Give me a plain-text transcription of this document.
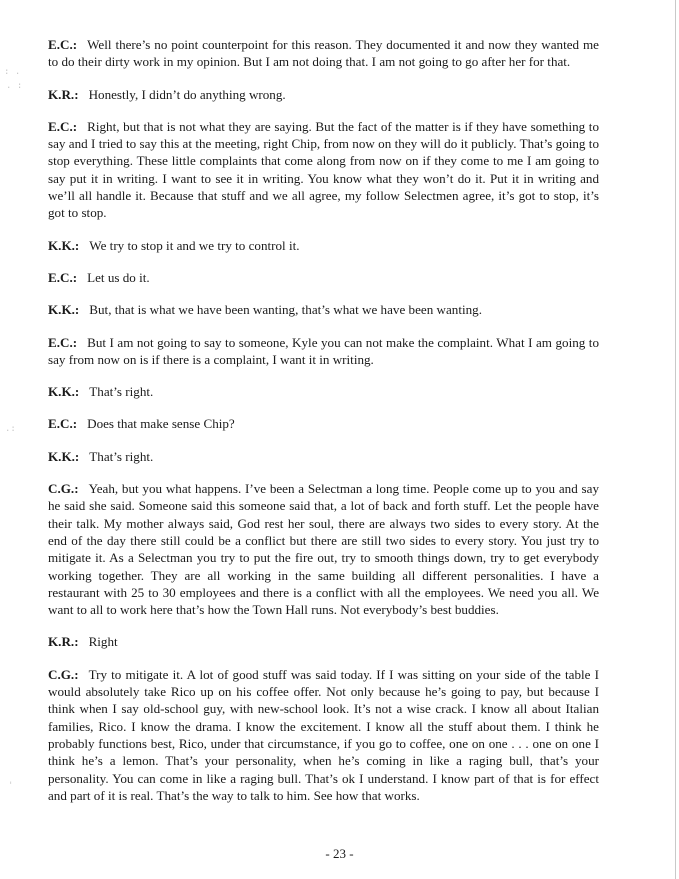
: .
. :
.:
'

E.C.: Well there’s no point counterpoint for this reason. They documented it and now they wanted me to do their dirty work in my opinion. But I am not doing that. I am not going to go after her for that.

K.R.: Honestly, I didn’t do anything wrong.

E.C.: Right, but that is not what they are saying. But the fact of the matter is if they have something to say and I tried to say this at the meeting, right Chip, from now on they will do it publicly. That’s going to stop everything. These little complaints that come along from now on if they come to me I am going to say put it in writing. I want to see it in writing. You know what they won’t do it. Put it in writing and we’ll all handle it. Because that stuff and we all agree, my follow Selectmen agree, it’s got to stop, it’s got to stop.

K.K.: We try to stop it and we try to control it.

E.C.: Let us do it.

K.K.: But, that is what we have been wanting, that’s what we have been wanting.

E.C.: But I am not going to say to someone, Kyle you can not make the complaint. What I am going to say from now on is if there is a complaint, I want it in writing.

K.K.: That’s right.

E.C.: Does that make sense Chip?

K.K.: That’s right.

C.G.: Yeah, but you what happens. I’ve been a Selectman a long time. People come up to you and say he said she said. Someone said this someone said that, a lot of back and forth stuff. Let the people have their talk. My mother always said, God rest her soul, there are always two sides to every story. At the end of the day there still could be a conflict but there are still two sides to every story. You just try to mitigate it. As a Selectman you try to put the fire out, try to smooth things down, try to get everybody working together. They are all working in the same building all different personalities. I have a restaurant with 25 to 30 employees and there is a conflict with all the employees. We need you all. We want to all to work here that’s how the Town Hall runs. Not everybody’s best buddies.

K.R.: Right

C.G.: Try to mitigate it. A lot of good stuff was said today. If I was sitting on your side of the table I would absolutely take Rico up on his coffee offer. Not only because he’s going to pay, but because I think when I say old-school guy, with new-school look. It’s not a wise crack. I know all about Italian families, Rico. I know the drama. I know the excitement. I know all the stuff about them. I think he probably functions best, Rico, under that circumstance, if you go to coffee, one on one . . . one on one I think he’s a lemon. That’s your personality, when he’s coming in like a raging bull, that’s your personality. You can come in like a raging bull. That’s ok I understand. I know part of that is for effect and part of it is real. That’s the way to talk to him. See how that works.

- 23 -
